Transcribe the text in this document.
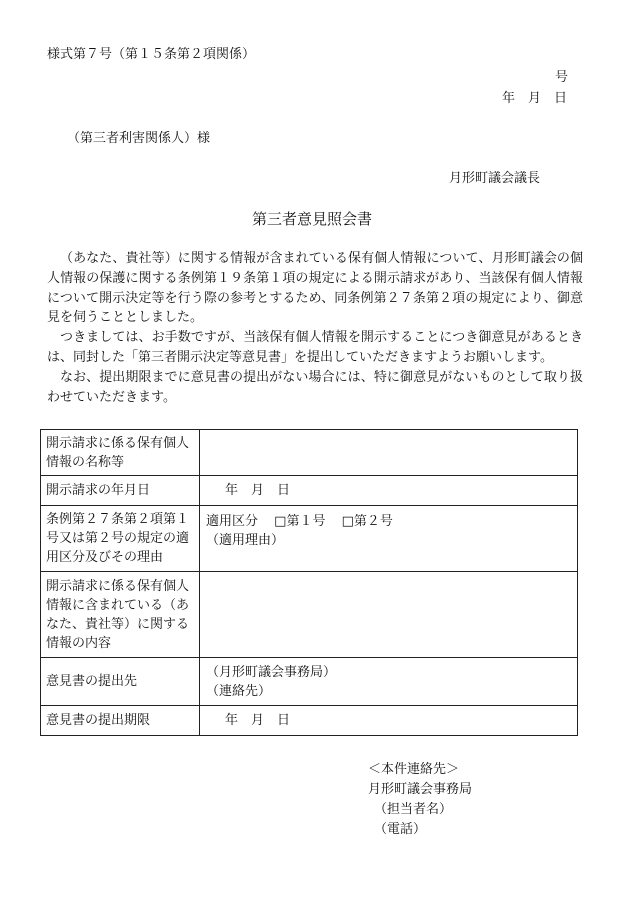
様式第７号（第１５条第２項関係）
号
年　月　日
（第三者利害関係人）様
月形町議会議長
第三者意見照会書

（あなた、貴社等）に関する情報が含まれている保有個人情報について、月形町議会の個人情報の保護に関する条例第１９条第１項の規定による開示請求があり、当該保有個人情報について開示決定等を行う際の参考とするため、同条例第２７条第２項の規定により、御意見を伺うこととしました。

つきましては、お手数ですが、当該保有個人情報を開示することにつき御意見があるときは、同封した「第三者開示決定等意見書」を提出していただきますようお願いします。

なお、提出期限までに意見書の提出がない場合には、特に御意見がないものとして取り扱わせていただきます。

開示請求に係る保有個人情報の名称等	
開示請求の年月日	　年　月　日
条例第２７条第２項第１号又は第２号の規定の適用区分及びその理由	適用区分 □第１号 □第２号
（適用理由）

開示請求に係る保有個人情報に含まれている（あなた、貴社等）に関する情報の内容	
意見書の提出先	（月形町議会事務局）
（連絡先）

意見書の提出期限	　年　月　日
＜本件連絡先＞
月形町議会事務局
（担当者名）
（電話）
